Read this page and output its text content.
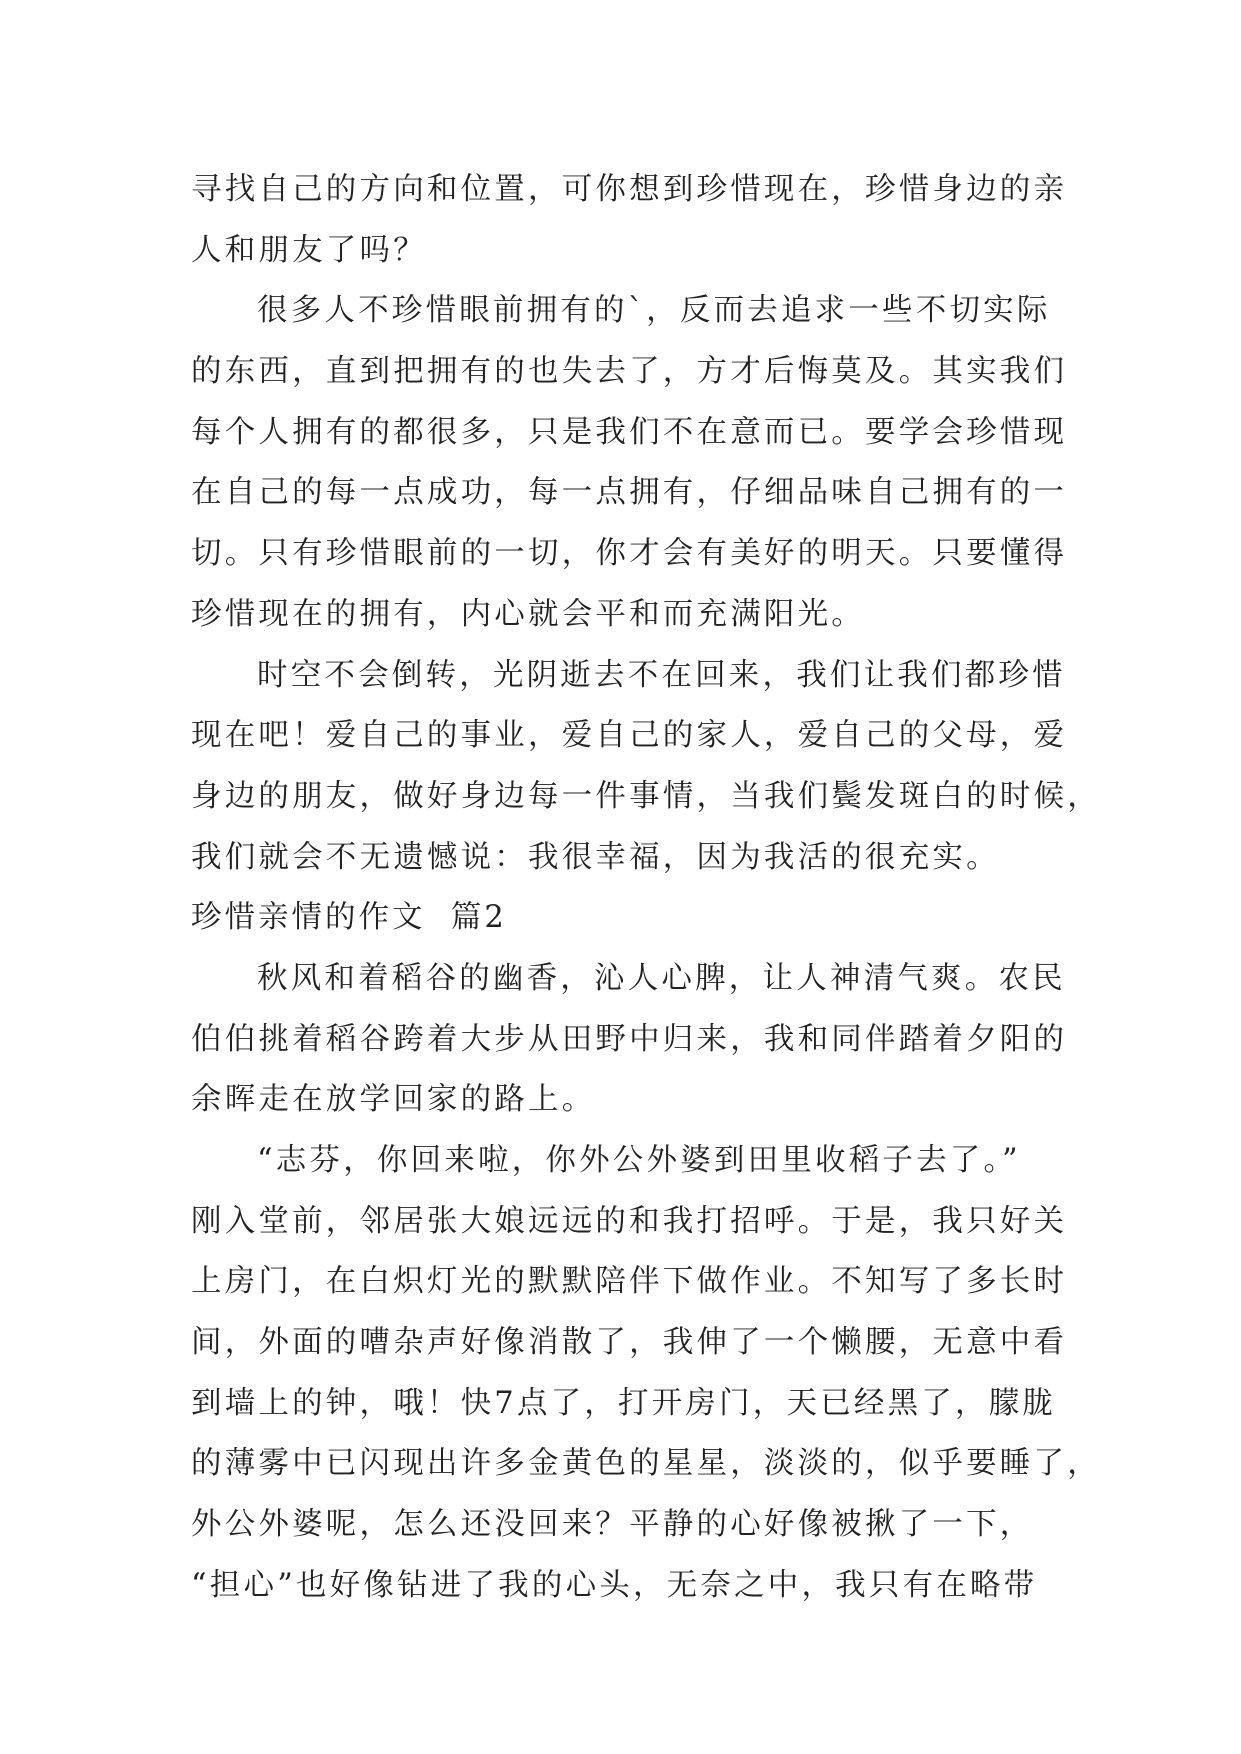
寻找自己的方向和位置，可你想到珍惜现在，珍惜身边的亲
人和朋友了吗？
很多人不珍惜眼前拥有的`，反而去追求一些不切实际
的东西，直到把拥有的也失去了，方才后悔莫及。其实我们
每个人拥有的都很多，只是我们不在意而已。要学会珍惜现
在自己的每一点成功，每一点拥有，仔细品味自己拥有的一
切。只有珍惜眼前的一切，你才会有美好的明天。只要懂得
珍惜现在的拥有，内心就会平和而充满阳光。
时空不会倒转，光阴逝去不在回来，我们让我们都珍惜
现在吧！爱自己的事业，爱自己的家人，爱自己的父母，爱
身边的朋友，做好身边每一件事情，当我们鬓发斑白的时候，
我们就会不无遗憾说：我很幸福，因为我活的很充实。
珍惜亲情的作文  篇2
秋风和着稻谷的幽香，沁人心脾，让人神清气爽。农民
伯伯挑着稻谷跨着大步从田野中归来，我和同伴踏着夕阳的
余晖走在放学回家的路上。
“志芬，你回来啦，你外公外婆到田里收稻子去了。”
刚入堂前，邻居张大娘远远的和我打招呼。于是，我只好关
上房门，在白炽灯光的默默陪伴下做作业。不知写了多长时
间，外面的嘈杂声好像消散了，我伸了一个懒腰，无意中看
到墙上的钟，哦！快7点了，打开房门，天已经黑了，朦胧
的薄雾中已闪现出许多金黄色的星星，淡淡的，似乎要睡了，
外公外婆呢，怎么还没回来？平静的心好像被揪了一下，
“担心”也好像钻进了我的心头，无奈之中，我只有在略带
